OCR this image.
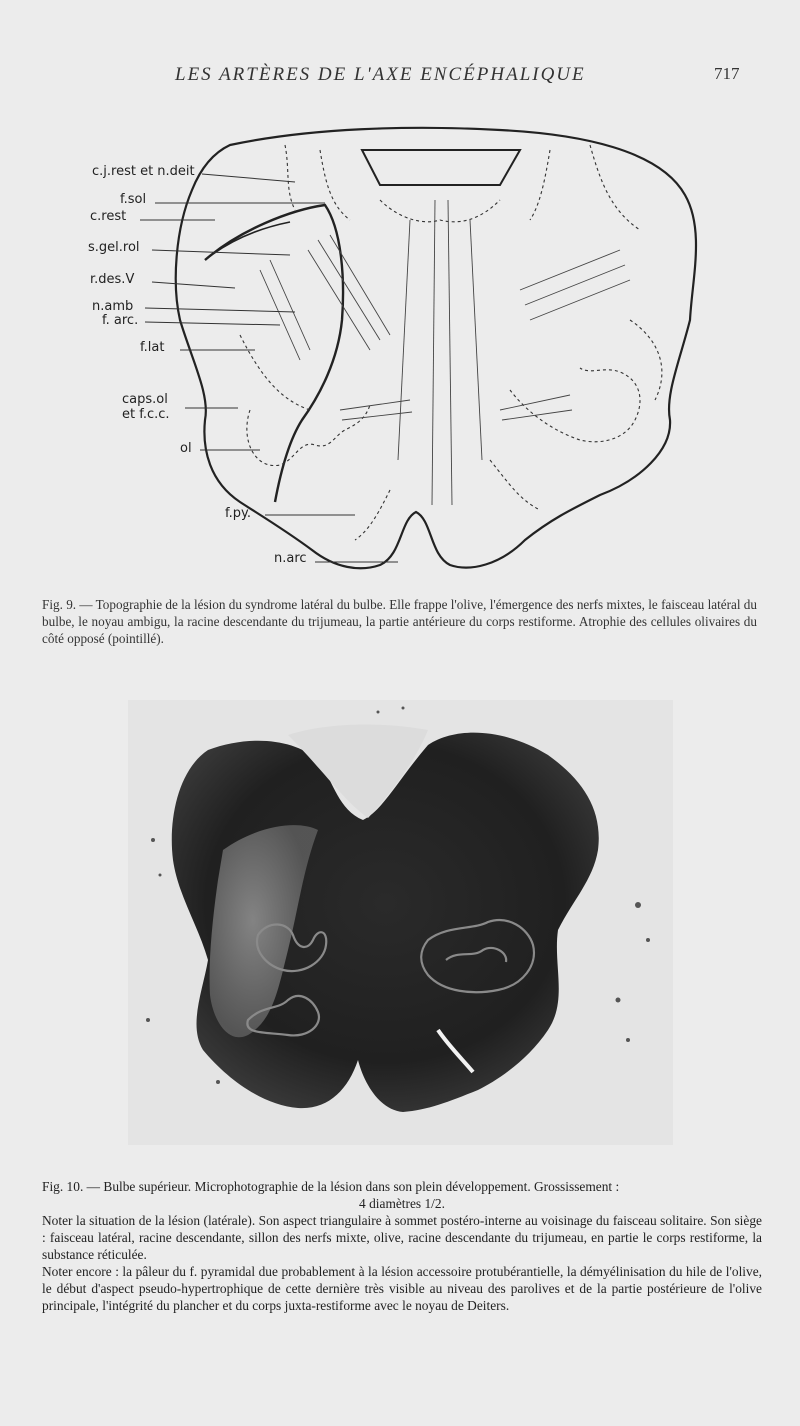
LES ARTÈRES DE L'AXE ENCÉPHALIQUE	717
c.j.rest et n.deit
f.sol
c.rest
s.gel.rol
r.des.V
n.amb
f. arc.
f.lat
caps.ol
et f.c.c.
ol
f.py.
n.arc
Fig. 9. — Topographie de la lésion du syndrome latéral du bulbe. Elle frappe l'olive, l'émergence des nerfs mixtes, le faisceau latéral du bulbe, le noyau ambigu, la racine descendante du trijumeau, la partie antérieure du corps restiforme. Atrophie des cellules olivaires du côté opposé (pointillé).

Fig. 10. — Bulbe supérieur. Microphotographie de la lésion dans son plein développement. Grossissement :

4 diamètres 1/2.

Noter la situation de la lésion (latérale). Son aspect triangulaire à sommet postéro-interne au voisinage du faisceau solitaire. Son siège : faisceau latéral, racine descendante, sillon des nerfs mixte, olive, racine descendante du trijumeau, en partie le corps restiforme, la substance réticulée.

Noter encore : la pâleur du f. pyramidal due probablement à la lésion accessoire protubérantielle, la démyélinisation du hile de l'olive, le début d'aspect pseudo-hypertrophique de cette dernière très visible au niveau des parolives et de la partie postérieure de l'olive principale, l'intégrité du plancher et du corps juxta-restiforme avec le noyau de Deiters.
